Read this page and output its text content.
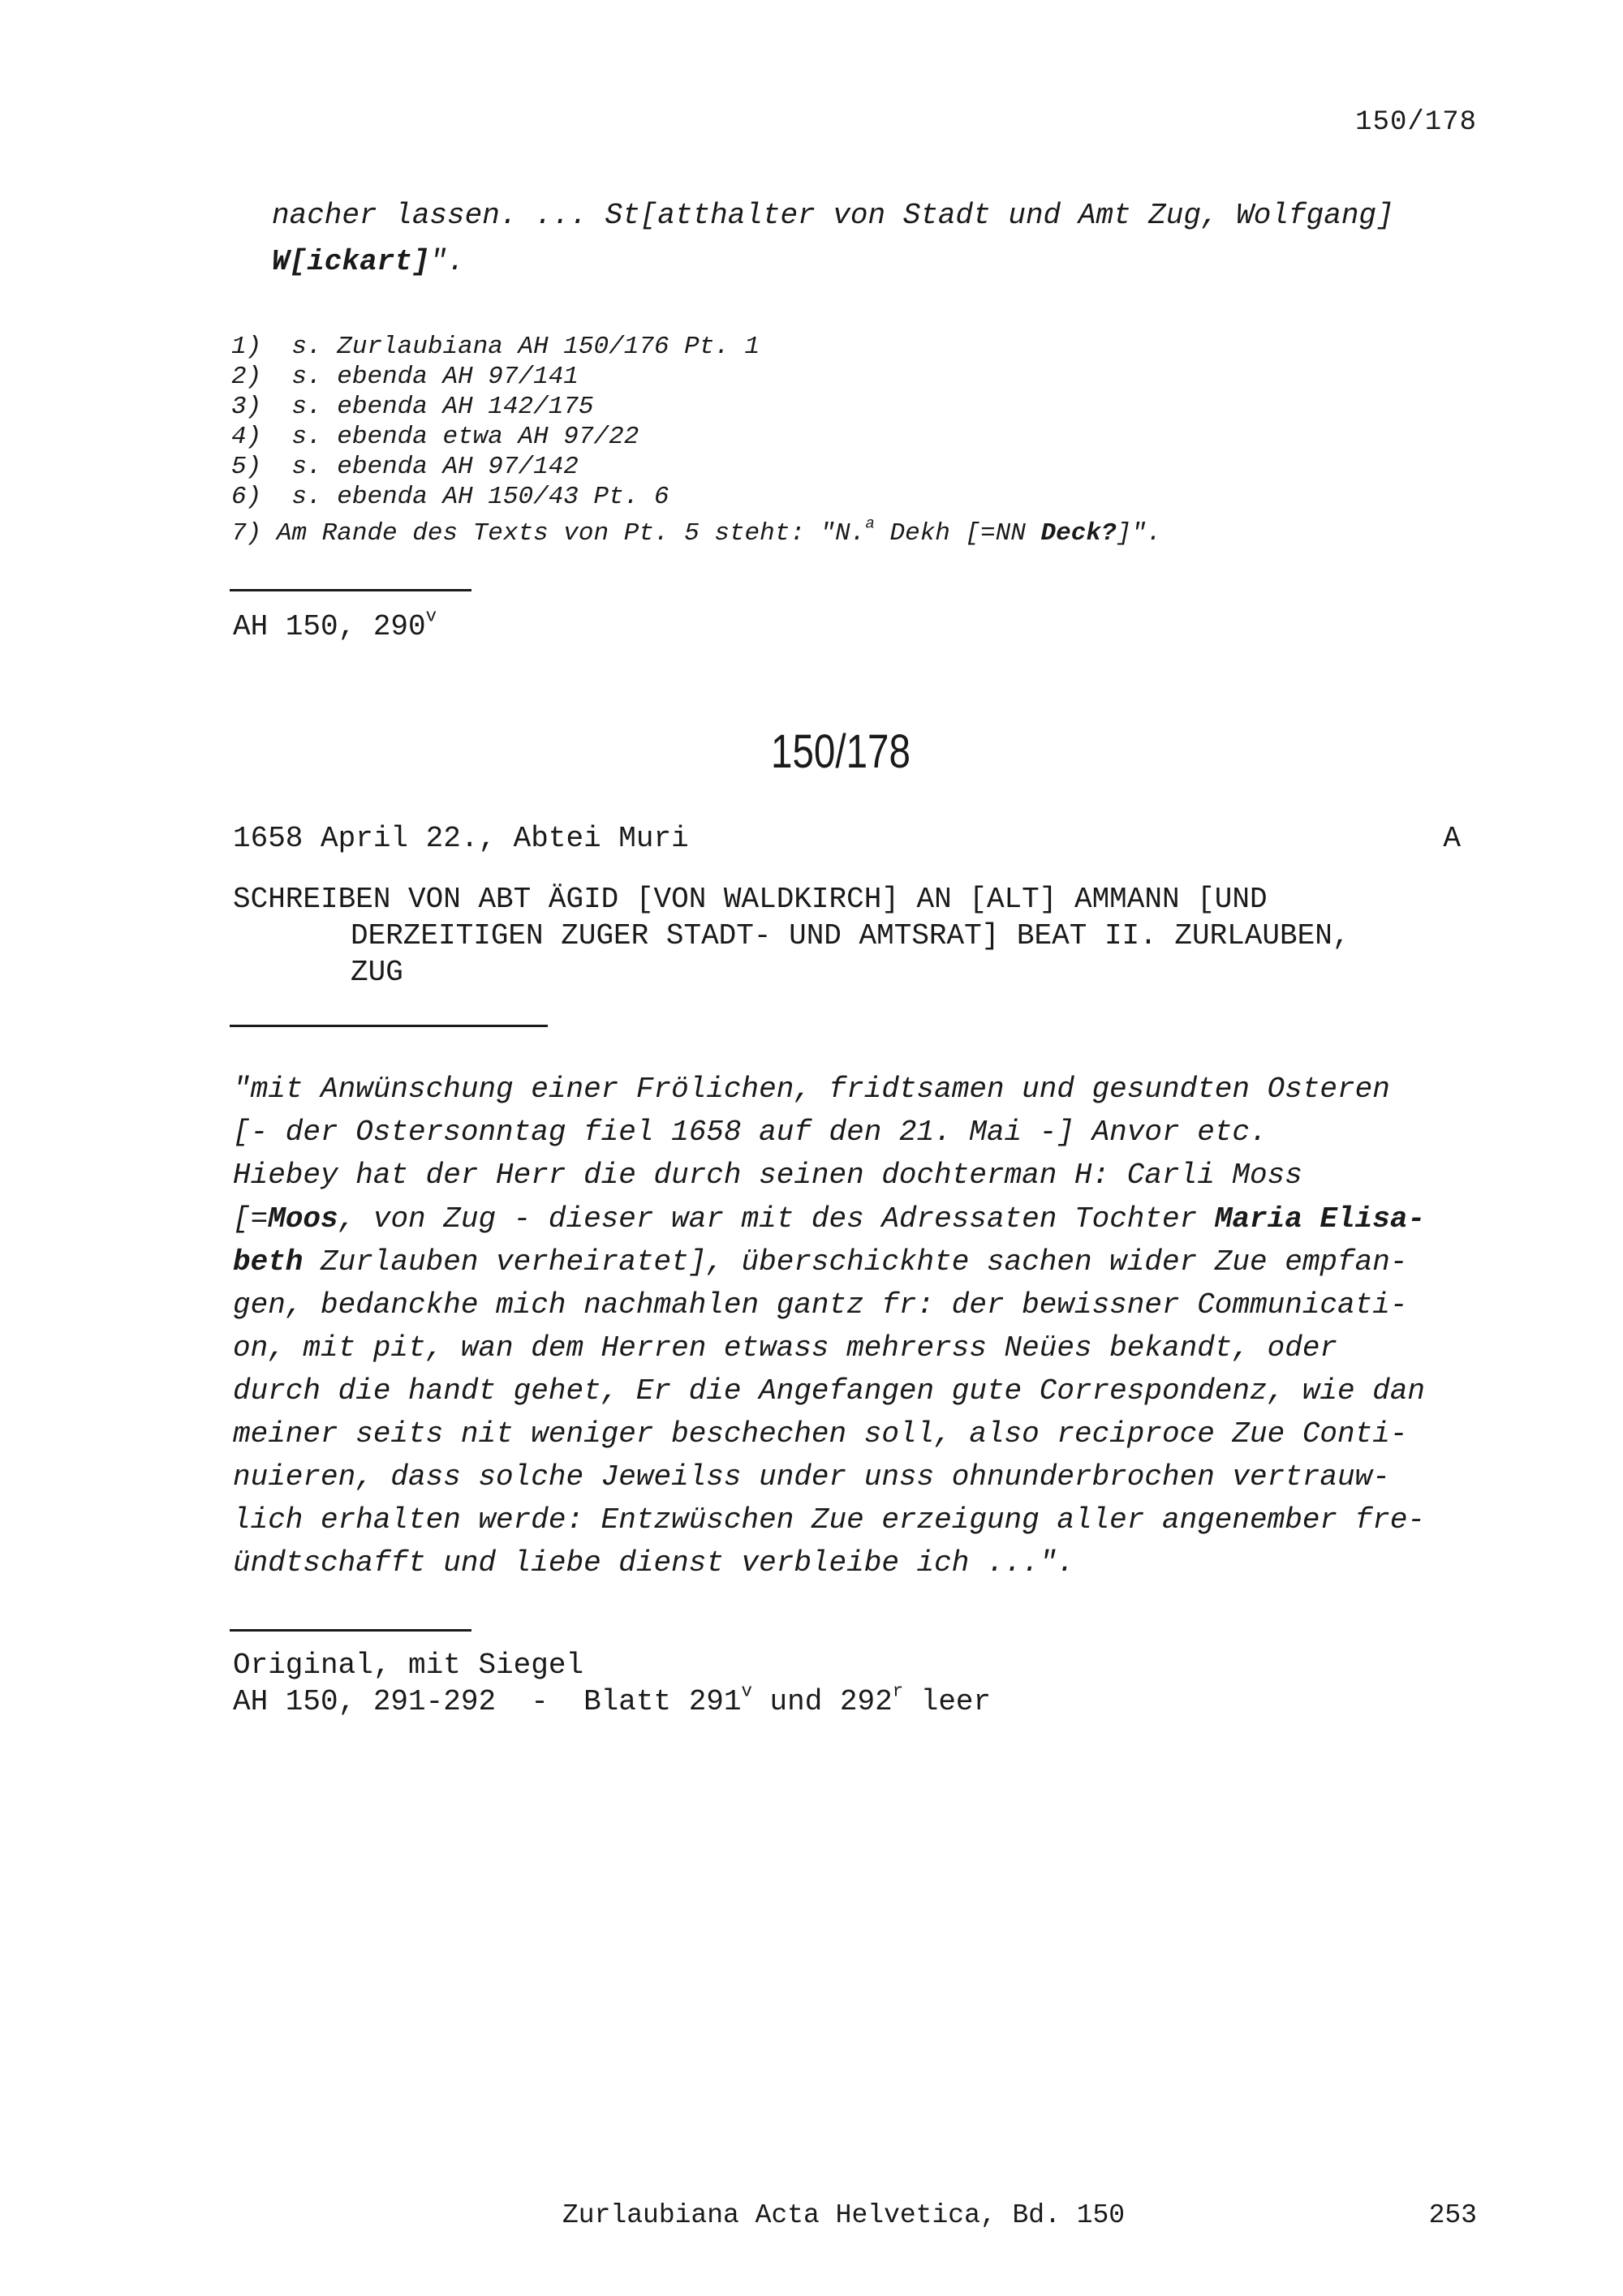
150/178
nacher lassen. ... St[atthalter von Stadt und Amt Zug, Wolfgang]
W[ickart]".
1) s. Zurlaubiana AH 150/176 Pt. 1
2) s. ebenda AH 97/141
3) s. ebenda AH 142/175
4) s. ebenda etwa AH 97/22
5) s. ebenda AH 97/142
6) s. ebenda AH 150/43 Pt. 6
7) Am Rande des Texts von Pt. 5 steht: "N.$^a$ Dekh [=NN Deck?]".
AH 150, 290$^v$
150/178
1658 April 22., Abtei Muri	A
SCHREIBEN VON ABT ÄGID [VON WALDKIRCH] AN [ALT] AMMANN [UND
DERZEITIGEN ZUGER STADT- UND AMTSRAT] BEAT II. ZURLAUBEN,
ZUG
"mit Anwünschung einer Frölichen, fridtsamen und gesundten Osteren
[- der Ostersonntag fiel 1658 auf den 21. Mai -] Anvor etc.
Hiebey hat der Herr die durch seinen dochterman H: Carli Moss
[=Moos, von Zug - dieser war mit des Adressaten Tochter Maria Elisa-
beth Zurlauben verheiratet], überschickhte sachen wider Zue empfan-
gen, bedanckhe mich nachmahlen gantz fr: der bewissner Communicati-
on, mit pit, wan dem Herren etwass mehrerss Neües bekandt, oder
durch die handt gehet, Er die Angefangen gute Correspondenz, wie dan
meiner seits nit weniger beschechen soll, also reciproce Zue Conti-
nuieren, dass solche Jeweilss under unss ohnunderbrochen vertrauw-
lich erhalten werde: Entzwüschen Zue erzeigung aller angenember fre-
ündtschafft und liebe dienst verbleibe ich ...".
Original, mit Siegel
AH 150, 291-292  -  Blatt 291$^v$ und 292$^r$ leer
Zurlaubiana Acta Helvetica, Bd. 150	253
